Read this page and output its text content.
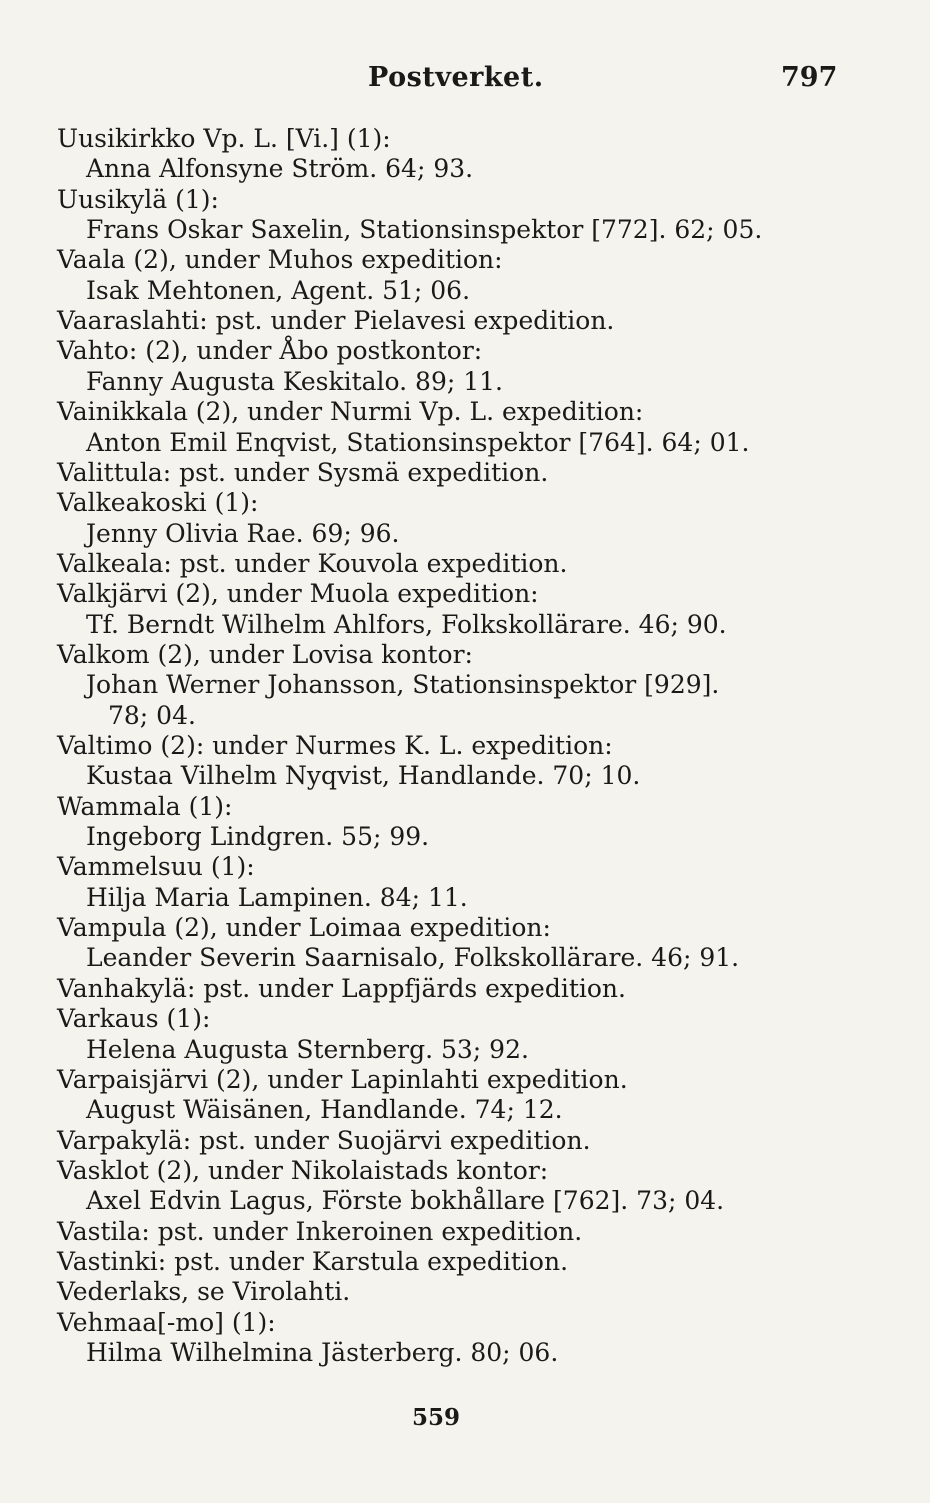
Postverket.	797
Uusikirkko Vp. L. [Vi.] (1):
Anna Alfonsyne Ström. 64; 93.
Uusikylä (1):
Frans Oskar Saxelin, Stationsinspektor [772]. 62; 05.
Vaala (2), under Muhos expedition:
Isak Mehtonen, Agent. 51; 06.
Vaaraslahti: pst. under Pielavesi expedition.
Vahto: (2), under Åbo postkontor:
Fanny Augusta Keskitalo. 89; 11.
Vainikkala (2), under Nurmi Vp. L. expedition:
Anton Emil Enqvist, Stationsinspektor [764]. 64; 01.
Valittula: pst. under Sysmä expedition.
Valkeakoski (1):
Jenny Olivia Rae. 69; 96.
Valkeala: pst. under Kouvola expedition.
Valkjärvi (2), under Muola expedition:
Tf. Berndt Wilhelm Ahlfors, Folkskollärare. 46; 90.
Valkom (2), under Lovisa kontor:
Johan Werner Johansson, Stationsinspektor [929].
78; 04.
Valtimo (2): under Nurmes K. L. expedition:
Kustaa Vilhelm Nyqvist, Handlande. 70; 10.
Wammala (1):
Ingeborg Lindgren. 55; 99.
Vammelsuu (1):
Hilja Maria Lampinen. 84; 11.
Vampula (2), under Loimaa expedition:
Leander Severin Saarnisalo, Folkskollärare. 46; 91.
Vanhakylä: pst. under Lappfjärds expedition.
Varkaus (1):
Helena Augusta Sternberg. 53; 92.
Varpaisjärvi (2), under Lapinlahti expedition.
August Wäisänen, Handlande. 74; 12.
Varpakylä: pst. under Suojärvi expedition.
Vasklot (2), under Nikolaistads kontor:
Axel Edvin Lagus, Förste bokhållare [762]. 73; 04.
Vastila: pst. under Inkeroinen expedition.
Vastinki: pst. under Karstula expedition.
Vederlaks, se Virolahti.
Vehmaa[-mo] (1):
Hilma Wilhelmina Jästerberg. 80; 06.
559
